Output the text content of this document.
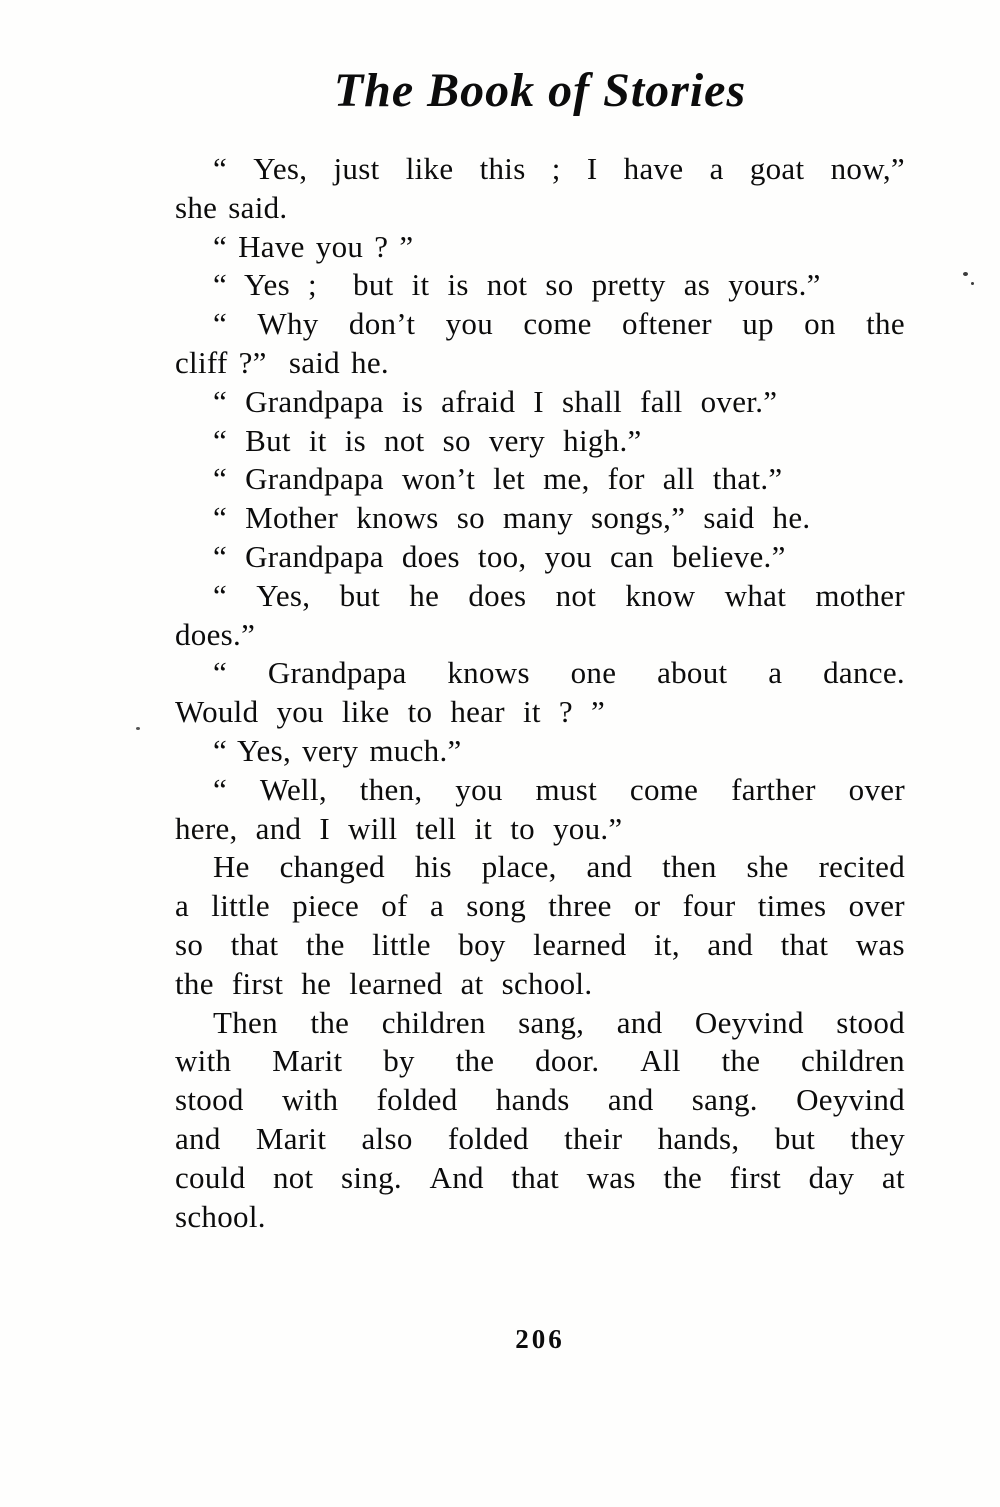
The Book of Stories
“ Yes, just like this ; I have a goat now,”
she said.
“ Have you ? ”
“ Yes ;  but it is not so pretty as yours.”
“ Why don’t you come oftener up on the
cliff ?”  said he.
“ Grandpapa is afraid I shall fall over.”
“ But it is not so very high.”
“ Grandpapa won’t let me, for all that.”
“ Mother knows so many songs,” said he.
“ Grandpapa does too, you can believe.”
“ Yes, but he does not know what mother
does.”
“ Grandpapa knows one about a dance.
Would you like to hear it ? ”
“ Yes, very much.”
“ Well, then, you must come farther over
here, and I will tell it to you.”
He changed his place, and then she recited
a little piece of a song three or four times over
so that the little boy learned it, and that was
the first he learned at school.
Then the children sang, and Oeyvind stood
with Marit by the door. All the children
stood with folded hands and sang. Oeyvind
and Marit also folded their hands, but they
could not sing. And that was the first day at
school.
206
